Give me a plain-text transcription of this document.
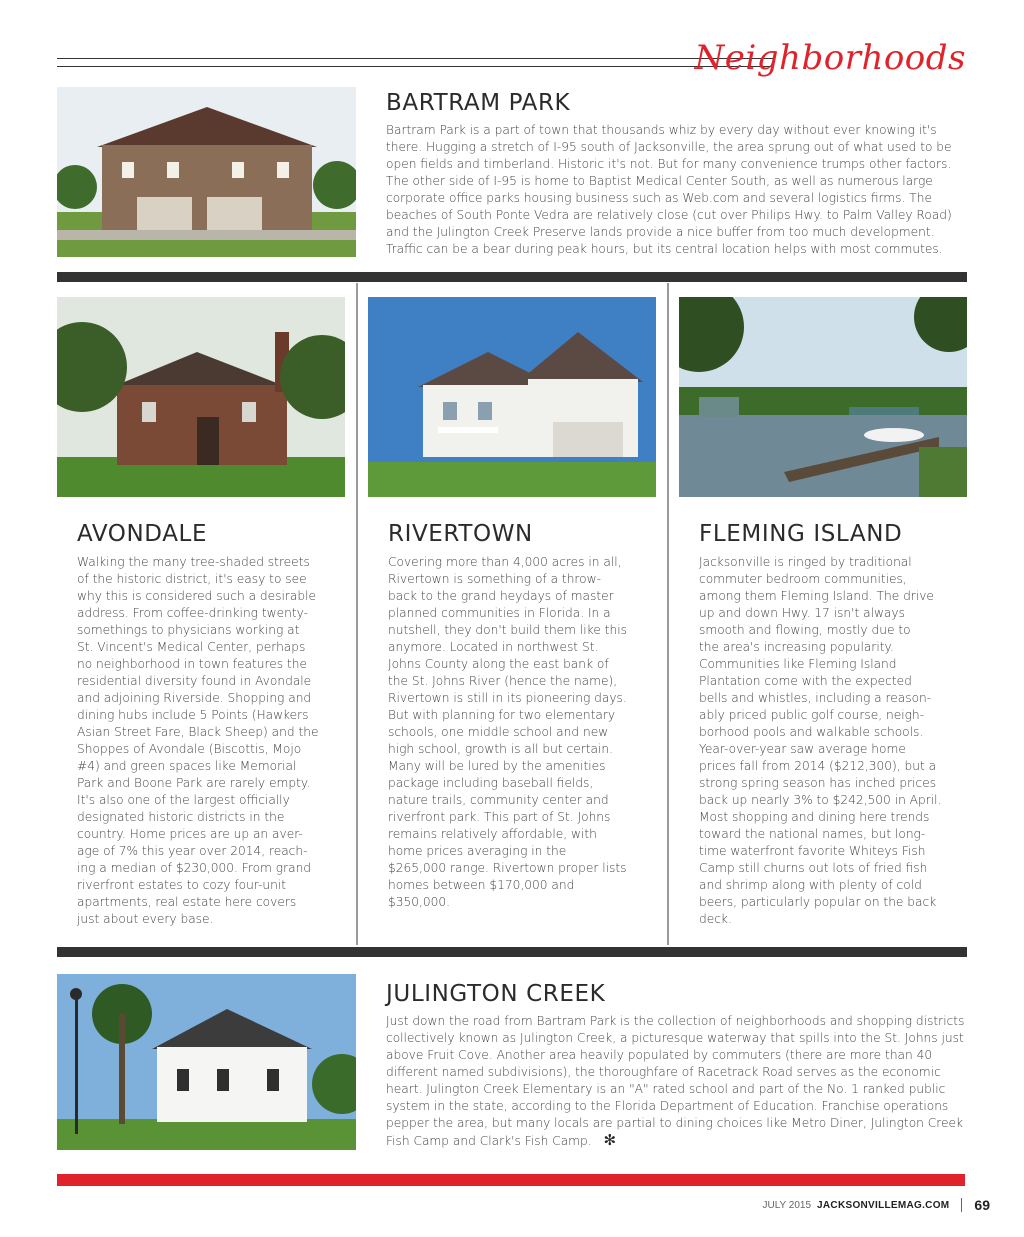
Neighborhoods
BARTRAM PARK
Bartram Park is a part of town that thousands whiz by every day without ever knowing it's there. Hugging a stretch of I-95 south of Jacksonville, the area sprung out of what used to be open fields and timberland. Historic it's not. But for many convenience trumps other factors. The other side of I-95 is home to Baptist Medical Center South, as well as numerous large corporate office parks housing business such as Web.com and several logistics firms. The beaches of South Ponte Vedra are relatively close (cut over Philips Hwy. to Palm Valley Road) and the Julington Creek Preserve lands provide a nice buffer from too much development. Traffic can be a bear during peak hours, but its central location helps with most commutes.
AVONDALE
Walking the many tree-shaded streets
of the historic district, it's easy to see
why this is considered such a desirable
address. From coffee-drinking twenty-
somethings to physicians working at
St. Vincent's Medical Center, perhaps
no neighborhood in town features the
residential diversity found in Avondale
and adjoining Riverside. Shopping and
dining hubs include 5 Points (Hawkers
Asian Street Fare, Black Sheep) and the
Shoppes of Avondale (Biscottis, Mojo
#4) and green spaces like Memorial
Park and Boone Park are rarely empty.
It's also one of the largest officially
designated historic districts in the
country. Home prices are up an aver-
age of 7% this year over 2014, reach-
ing a median of $230,000. From grand
riverfront estates to cozy four-unit
apartments, real estate here covers
just about every base.
RIVERTOWN
Covering more than 4,000 acres in all,
Rivertown is something of a throw-
back to the grand heydays of master
planned communities in Florida. In a
nutshell, they don't build them like this
anymore. Located in northwest St.
Johns County along the east bank of
the St. Johns River (hence the name),
Rivertown is still in its pioneering days.
But with planning for two elementary
schools, one middle school and new
high school, growth is all but certain.
Many will be lured by the amenities
package including baseball fields,
nature trails, community center and
riverfront park. This part of St. Johns
remains relatively affordable, with
home prices averaging in the
$265,000 range. Rivertown proper lists
homes between $170,000 and
$350,000.
FLEMING ISLAND
Jacksonville is ringed by traditional
commuter bedroom communities,
among them Fleming Island. The drive
up and down Hwy. 17 isn't always
smooth and flowing, mostly due to
the area's increasing popularity.
Communities like Fleming Island
Plantation come with the expected
bells and whistles, including a reason-
ably priced public golf course, neigh-
borhood pools and walkable schools.
Year-over-year saw average home
prices fall from 2014 ($212,300), but a
strong spring season has inched prices
back up nearly 3% to $242,500 in April.
Most shopping and dining here trends
toward the national names, but long-
time waterfront favorite Whiteys Fish
Camp still churns out lots of fried fish
and shrimp along with plenty of cold
beers, particularly popular on the back
deck.
JULINGTON CREEK
Just down the road from Bartram Park is the collection of neighborhoods and shopping districts collectively known as Julington Creek, a picturesque waterway that spills into the St. Johns just above Fruit Cove. Another area heavily populated by commuters (there are more than 40 different named subdivisions), the thoroughfare of Racetrack Road serves as the economic heart. Julington Creek Elementary is an "A" rated school and part of the No. 1 ranked public system in the state, according to the Florida Department of Education. Franchise operations pepper the area, but many locals are partial to dining choices like Metro Diner, Julington Creek Fish Camp and Clark's Fish Camp. ✻
JULY 2015 JACKSONVILLEMAG.COM 69
